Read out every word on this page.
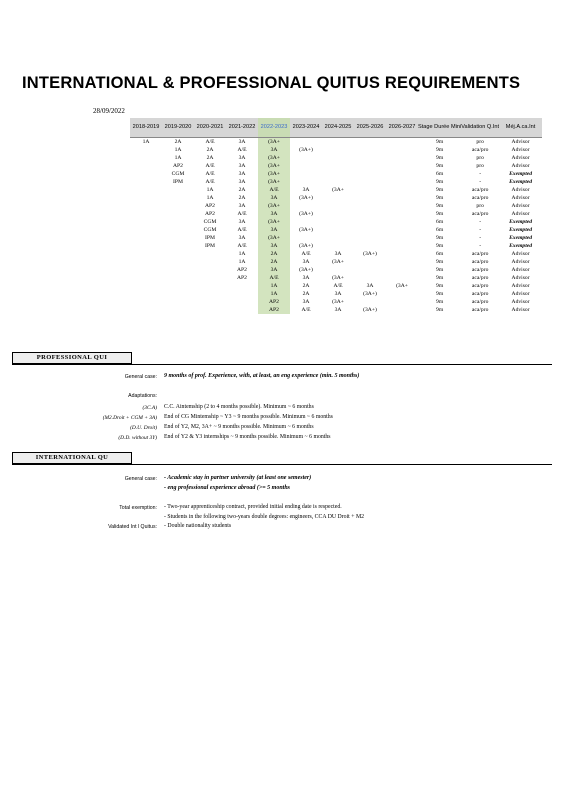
INTERNATIONAL & PROFESSIONAL QUITUS REQUIREMENTS
28/09/2022
2018-2019	2019-2020	2020-2021	2021-2022	2022-2023	2023-2024	2024-2025	2025-2026	2026-2027	Stage Durée Mini	Validation Q.Int	Méj.A.ca.Int
1A	2A	A/E	3A	(3A+					9m	pro	Advisor
	1A	2A	A/E	3A	(3A+)				9m	aca/pro	Advisor
	1A	2A	3A	(3A+					9m	pro	Advisor
	AP2	A/E	3A	(3A+					9m	pro	Advisor
	CGM	A/E	3A	(3A+					6m	-	Exempted
	IPM	A/E	3A	(3A+					9m	-	Exempted
		1A	2A	A/E	3A	(3A+			9m	aca/pro	Advisor
		1A	2A	3A	(3A+)				9m	aca/pro	Advisor
		AP2	3A	(3A+					9m	pro	Advisor
		AP2	A/E	3A	(3A+)				9m	aca/pro	Advisor
		CGM	3A	(3A+					6m	-	Exempted
		CGM	A/E	3A	(3A+)				6m	-	Exempted
		IPM	3A	(3A+					9m	-	Exempted
		IPM	A/E	3A	(3A+)				9m	-	Exempted
			1A	2A	A/E	3A	(3A+)		6m	aca/pro	Advisor
			1A	2A	3A	(3A+			9m	aca/pro	Advisor
			AP2	3A	(3A+)				9m	aca/pro	Advisor
			AP2	A/E	3A	(3A+			9m	aca/pro	Advisor
				1A	2A	A/E	3A	(3A+	9m	aca/pro	Advisor
				1A	2A	3A	(3A+)		9m	aca/pro	Advisor
				AP2	3A	(3A+			9m	aca/pro	Advisor
				AP2	A/E	3A	(3A+)		9m	aca/pro	Advisor
PROFESSIONAL QUI
General case: 9 months of prof. Experience, with, at least, an eng experience (min. 5 months)
Adaptations:
(3C.A) C.C. Aintemship (2 to 4 months possible). Minimum ~ 6 months
(M2.Droit + CGM + 3A) End of CG Mintemship ~ Y3 ~ 9 months possible. Minimum ~ 6 months
(D.U. Droit) End of Y2, M2, 3A+ ~ 9 months possible. Minimum ~ 6 months
(D.D. without 3Y) End of Y2 & Y3 internships ~ 9 months possible. Minimum ~ 6 months
INTERNATIONAL QU
General case: - Academic stay in partner university (at least one semester)
- eng professional experience abroad (>= 5 months
Total exemption: - Two-year apprenticeship contract, provided initial ending date is respected.
- Students in the following two-years double degrees: engineers, CCA DU Droit + M2
Validated Int l Quitus: - Double nationality students
